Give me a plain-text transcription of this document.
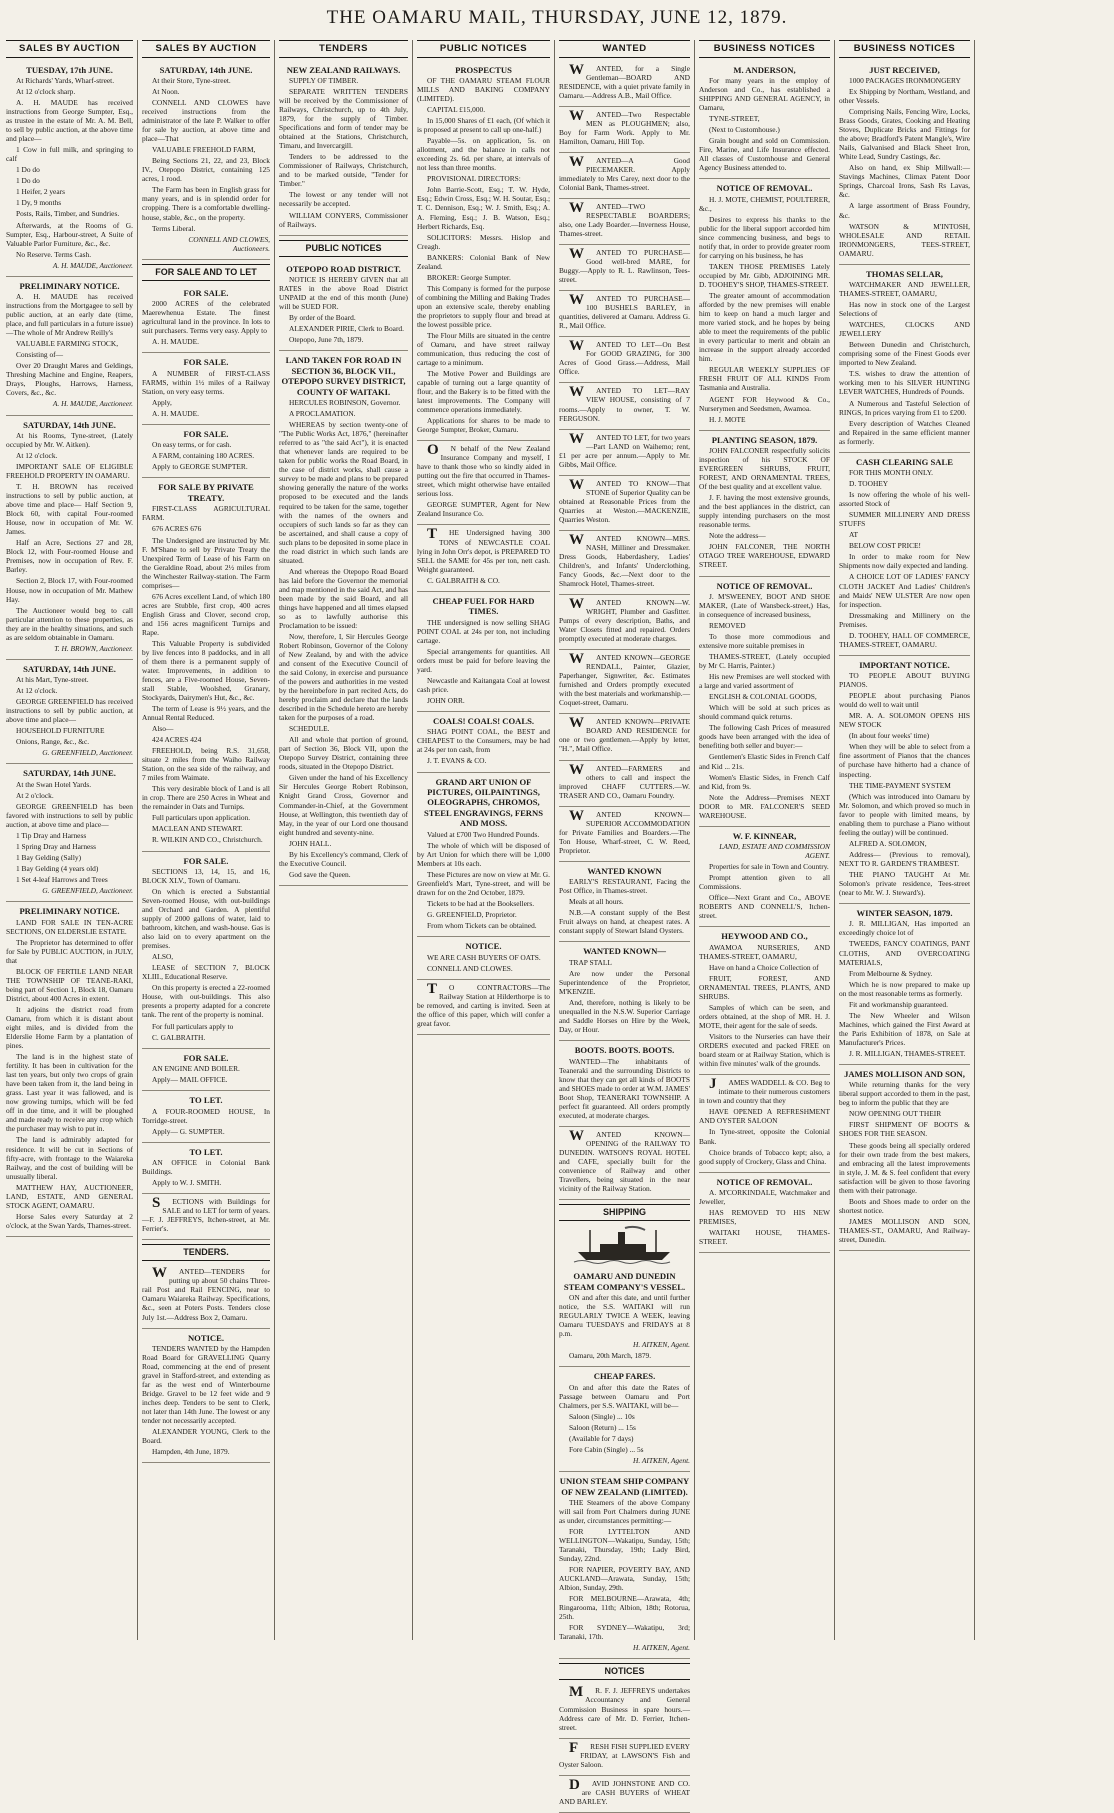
THE OAMARU MAIL, THURSDAY, JUNE 12, 1879.
SALES BY AUCTION
TUESDAY, 17th JUNE.

At Richards' Yards, Wharf-street.

At 12 o'clock sharp.

A. H. MAUDE has received instructions from George Sumpter, Esq., as trustee in the estate of Mr. A. M. Bell, to sell by public auction, at the above time and place—

1 Cow in full milk, and springing to calf

1 Do do

1 Do do

1 Heifer, 2 years

1 Dy, 9 months

Posts, Rails, Timber, and Sundries.

Afterwards, at the Rooms of G. Sumpter, Esq., Harbour-street, A Suite of Valuable Parlor Furniture, &c., &c.

No Reserve. Terms Cash.

A. H. MAUDE, Auctioneer.

PRELIMINARY NOTICE.

A. H. MAUDE has received instructions from the Mortgagee to sell by public auction, at an early date (time, place, and full particulars in a future issue)—The whole of Mr Andrew Reilly's

VALUABLE FARMING STOCK,

Consisting of—

Over 20 Draught Mares and Geldings, Threshing Machine and Engine, Reapers, Drays, Ploughs, Harrows, Harness, Covers, &c., &c.

A. H. MAUDE, Auctioneer.

SATURDAY, 14th JUNE.

At his Rooms, Tyne-street, (Lately occupied by Mr. W. Aitken).

At 12 o'clock.

IMPORTANT SALE OF ELIGIBLE FREEHOLD PROPERTY IN OAMARU.

T. H. BROWN has received instructions to sell by public auction, at above time and place— Half Section 9, Block 60, with capital Four-roomed House, now in occupation of Mr. W. James.

Half an Acre, Sections 27 and 28, Block 12, with Four-roomed House and Premises, now in occupation of Rev. F. Barley.

Section 2, Block 17, with Four-roomed House, now in occupation of Mr. Mathew Hay.

The Auctioneer would beg to call particular attention to these properties, as they are in the healthy situations, and such as are seldom obtainable in Oamaru.

T. H. BROWN, Auctioneer.

SATURDAY, 14th JUNE.

At his Mart, Tyne-street.

At 12 o'clock.

GEORGE GREENFIELD has received instructions to sell by public auction, at above time and place—

HOUSEHOLD FURNITURE

Onions, Range, &c., &c.

G. GREENFIELD, Auctioneer.

SATURDAY, 14th JUNE.

At the Swan Hotel Yards.

At 2 o'clock.

GEORGE GREENFIELD has been favored with instructions to sell by public auction, at above time and place—

1 Tip Dray and Harness

1 Spring Dray and Harness

1 Bay Gelding (Sally)

1 Bay Gelding (4 years old)

1 Set 4-leaf Harrows and Trees

G. GREENFIELD, Auctioneer.

PRELIMINARY NOTICE.

LAND FOR SALE IN TEN-ACRE SECTIONS, ON ELDERSLIE ESTATE.

The Proprietor has determined to offer for Sale by PUBLIC AUCTION, in JULY, that

BLOCK OF FERTILE LAND NEAR THE TOWNSHIP OF TEANE-RAKI, being part of Section 1, Block 18, Oamaru District, about 400 Acres in extent.

It adjoins the district road from Oamaru, from which it is distant about eight miles, and is divided from the Elderslie Home Farm by a plantation of pines.

The land is in the highest state of fertility. It has been in cultivation for the last ten years, but only two crops of grain have been taken from it, the land being in grass. Last year it was fallowed, and is now growing turnips, which will be fed off in due time, and it will be ploughed and made ready to receive any crop which the purchaser may wish to put in.

The land is admirably adapted for residence. It will be cut in Sections of fifty-acre, with frontage to the Waiareka Railway, and the cost of building will be unusually liberal.

MATTHEW HAY, AUCTIONEER, LAND, ESTATE, AND GENERAL STOCK AGENT, OAMARU.

Horse Sales every Saturday at 2 o'clock, at the Swan Yards, Thames-street.

SALES BY AUCTION
SATURDAY, 14th JUNE.

At their Store, Tyne-street.

At Noon.

CONNELL AND CLOWES have received instructions from the administrator of the late P. Walker to offer for sale by auction, at above time and place—That

VALUABLE FREEHOLD FARM,

Being Sections 21, 22, and 23, Block IV., Otepopo District, containing 125 acres, 1 rood.

The Farm has been in English grass for many years, and is in splendid order for cropping. There is a comfortable dwelling-house, stable, &c., on the property.

Terms Liberal.

CONNELL AND CLOWES, Auctioneers.

FOR SALE AND TO LET
FOR SALE.

2000 ACRES of the celebrated Maerewhenua Estate. The finest agricultural land in the province. In lots to suit purchasers. Terms very easy. Apply to

A. H. MAUDE.

FOR SALE.

A NUMBER of FIRST-CLASS FARMS, within 1½ miles of a Railway Station, on very easy terms.

Apply,

A. H. MAUDE.

FOR SALE.

On easy terms, or for cash.

A FARM, containing 180 ACRES.

Apply to GEORGE SUMPTER.

FOR SALE BY PRIVATE TREATY.

FIRST-CLASS AGRICULTURAL FARM.

676 ACRES 676

The Undersigned are instructed by Mr. F. M'Shane to sell by Private Treaty the Unexpired Term of Lease of his Farm on the Geraldine Road, about 2½ miles from the Winchester Railway-station. The Farm comprises—

676 Acres excellent Land, of which 180 acres are Stubble, first crop, 400 acres English Grass and Clover, second crop, and 156 acres magnificent Turnips and Rape.

This Valuable Property is subdivided by live fences into 8 paddocks, and in all of them there is a permanent supply of water. Improvements, in addition to fences, are a Five-roomed House, Seven-stall Stable, Woolshed, Granary, Stockyards, Dairymen's Hut, &c., &c.

The term of Lease is 9½ years, and the Annual Rental Reduced.

Also—

424 ACRES 424

FREEHOLD, being R.S. 31,658, situate 2 miles from the Waiho Railway Station, on the sea side of the railway, and 7 miles from Waimate.

This very desirable block of Land is all in crop. There are 250 Acres in Wheat and the remainder in Oats and Turnips.

Full particulars upon application.

MACLEAN AND STEWART.

R. WILKIN AND CO., Christchurch.

FOR SALE.

SECTIONS 13, 14, 15, and 16, BLOCK XLV., Town of Oamaru.

On which is erected a Substantial Seven-roomed House, with out-buildings and Orchard and Garden. A plentiful supply of 2000 gallons of water, laid to bathroom, kitchen, and wash-house. Gas is also laid on to every apartment on the premises.

ALSO,

LEASE of SECTION 7, BLOCK XLIII., Educational Reserve.

On this property is erected a 22-roomed House, with out-buildings. This also presents a property adapted for a concrete tank. The rent of the property is nominal.

For full particulars apply to

C. GALBRAITH.

FOR SALE.

AN ENGINE AND BOILER.

Apply— MAIL OFFICE.

TO LET.

A FOUR-ROOMED HOUSE, In Torridge-street.

Apply— G. SUMPTER.

TO LET.

AN OFFICE in Colonial Bank Buildings.

Apply to W. J. SMITH.

SECTIONS with Buildings for SALE and to LET for term of years.—F. J. JEFFREYS, Itchen-street, at Mr. Ferrier's.

TENDERS.

WANTED—TENDERS for putting up about 50 chains Three-rail Post and Rail FENCING, near to Oamaru Waiareka Railway. Specifications, &c., seen at Poters Posts. Tenders close July 1st.—Address Box 2, Oamaru.

NOTICE.

TENDERS WANTED by the Hampden Road Board for GRAVELLING Quarry Road, commencing at the end of present gravel in Stafford-street, and extending as far as the west end of Winterbourne Bridge. Gravel to be 12 feet wide and 9 inches deep. Tenders to be sent to Clerk, not later than 14th June. The lowest or any tender not necessarily accepted.

ALEXANDER YOUNG, Clerk to the Board.

Hampden, 4th June, 1879.

TENDERS
NEW ZEALAND RAILWAYS.

SUPPLY OF TIMBER.

SEPARATE WRITTEN TENDERS will be received by the Commissioner of Railways, Christchurch, up to 4th July, 1879, for the supply of Timber. Specifications and form of tender may be obtained at the Stations, Christchurch, Timaru, and Invercargill.

Tenders to be addressed to the Commissioner of Railways, Christchurch, and to be marked outside, "Tender for Timber."

The lowest or any tender will not necessarily be accepted.

WILLIAM CONYERS, Commissioner of Railways.

PUBLIC NOTICES
OTEPOPO ROAD DISTRICT.

NOTICE IS HEREBY GIVEN that all RATES in the above Road District UNPAID at the end of this month (June) will be SUED FOR.

By order of the Board.

ALEXANDER PIRIE, Clerk to Board.

Otepopo, June 7th, 1879.

LAND TAKEN FOR ROAD IN SECTION 36, BLOCK VII., OTEPOPO SURVEY DISTRICT, COUNTY OF WAITAKI.

HERCULES ROBINSON, Governor.

A PROCLAMATION.

WHEREAS by section twenty-one of "The Public Works Act, 1876," (hereinafter referred to as "the said Act"), it is enacted that whenever lands are required to be taken for public works the Road Board, in the case of district works, shall cause a survey to be made and plans to be prepared showing generally the nature of the works proposed to be executed and the lands required to be taken for the same, together with the names of the owners and occupiers of such lands so far as they can be ascertained, and shall cause a copy of such plans to be deposited in some place in the road district in which such lands are situated.

And whereas the Otepopo Road Board has laid before the Governor the memorial and map mentioned in the said Act, and has been made by the said Board, and all things have happened and all times elapsed so as to lawfully authorise this Proclamation to be issued:

Now, therefore, I, Sir Hercules George Robert Robinson, Governor of the Colony of New Zealand, by and with the advice and consent of the Executive Council of the said Colony, in exercise and pursuance of the powers and authorities in me vested by the hereinbefore in part recited Acts, do hereby proclaim and declare that the lands described in the Schedule hereto are hereby taken for the purposes of a road.

SCHEDULE.

All and whole that portion of ground, part of Section 36, Block VII, upon the Otepopo Survey District, containing three roods, situated in the Otepopo District.

Given under the hand of his Excellency Sir Hercules George Robert Robinson, Knight Grand Cross, Governor and Commander-in-Chief, at the Government House, at Wellington, this twentieth day of May, in the year of our Lord one thousand eight hundred and seventy-nine.

JOHN HALL.

By his Excellency's command, Clerk of the Executive Council.

God save the Queen.

PUBLIC NOTICES
PROSPECTUS

OF THE OAMARU STEAM FLOUR MILLS AND BAKING COMPANY (LIMITED).

CAPITAL £15,000.

In 15,000 Shares of £1 each, (Of which it is proposed at present to call up one-half.)

Payable—5s. on application, 5s. on allotment, and the balance in calls not exceeding 2s. 6d. per share, at intervals of not less than three months.

PROVISIONAL DIRECTORS:

John Barrie-Scott, Esq.; T. W. Hyde, Esq.; Edwin Cross, Esq.; W. H. Soutar, Esq.; T. C. Dennison, Esq.; W. J. Smith, Esq.; A. A. Fleming, Esq.; J. B. Watson, Esq.; Herbert Richards, Esq.

SOLICITORS: Messrs. Hislop and Creagh.

BANKERS: Colonial Bank of New Zealand.

BROKER: George Sumpter.

This Company is formed for the purpose of combining the Milling and Baking Trades upon an extensive scale, thereby enabling the proprietors to supply flour and bread at the lowest possible price.

The Flour Mills are situated in the centre of Oamaru, and have street railway communication, thus reducing the cost of cartage to a minimum.

The Motive Power and Buildings are capable of turning out a large quantity of flour, and the Bakery is to be fitted with the latest improvements. The Company will commence operations immediately.

Applications for shares to be made to George Sumpter, Broker, Oamaru.

ON behalf of the New Zealand Insurance Company and myself, I have to thank those who so kindly aided in putting out the fire that occurred in Thames-street, which might otherwise have entailed serious loss.

GEORGE SUMPTER, Agent for New Zealand Insurance Co.

THE Undersigned having 300 TONS of NEWCASTLE COAL lying in John Orr's depot, is PREPARED TO SELL the SAME for 45s per ton, nett cash. Weight guaranteed.

C. GALBRAITH & CO.

CHEAP FUEL FOR HARD TIMES.

THE undersigned is now selling SHAG POINT COAL at 24s per ton, not including cartage.

Special arrangements for quantities. All orders must be paid for before leaving the yard.

Newcastle and Kaitangata Coal at lowest cash price.

JOHN ORR.

COALS! COALS! COALS.

SHAG POINT COAL, the BEST and CHEAPEST to the Consumers, may be had at 24s per ton cash, from

J. T. EVANS & CO.

GRAND ART UNION OF PICTURES, OILPAINTINGS, OLEOGRAPHS, CHROMOS, STEEL ENGRAVINGS, FERNS AND MOSS.

Valued at £700 Two Hundred Pounds.

The whole of which will be disposed of by Art Union for which there will be 1,000 Members at 10s each.

These Pictures are now on view at Mr. G. Greenfield's Mart, Tyne-street, and will be drawn for on the 2nd October, 1879.

Tickets to be had at the Booksellers.

G. GREENFIELD, Proprietor.

From whom Tickets can be obtained.

NOTICE.

WE ARE CASH BUYERS OF OATS.

CONNELL AND CLOWES.

TO CONTRACTORS—The Railway Station at Hilderthorpe is to be removed, and carting is invited. Seen at the office of this paper, which will confer a great favor.

WANTED

WANTED, for a Single Gentleman—BOARD AND RESIDENCE, with a quiet private family in Oamaru.—Address A.B., Mail Office.

WANTED—Two Respectable MEN as PLOUGHMEN; also, Boy for Farm Work. Apply to Mr. Hamilton, Oamaru, Hill Top.

WANTED—A Good PIECEMAKER. Apply immediately to Mrs Carey, next door to the Colonial Bank, Thames-street.

WANTED—TWO RESPECTABLE BOARDERS; also, one Lady Boarder.—Inverness House, Thames-street.

WANTED TO PURCHASE—Good well-bred MARE, for Buggy.—Apply to R. L. Rawlinson, Tees-street.

WANTED TO PURCHASE—100 BUSHELS BARLEY, in quantities, delivered at Oamaru. Address G. R., Mail Office.

WANTED TO LET—On Best For GOOD GRAZING, for 300 Acres of Good Grass.—Address, Mail Office.

WANTED TO LET—RAY VIEW HOUSE, consisting of 7 rooms.—Apply to owner, T. W. FERGUSON.

WANTED TO LET, for two years—Part LAND on Waihemo; rent, £1 per acre per annum.—Apply to Mr. Gibbs, Mail Office.

WANTED TO KNOW—That STONE of Superior Quality can be obtained at Reasonable Prices from the Quarries at Weston.—MACKENZIE, Quarries Weston.

WANTED KNOWN—MRS. NASH, Milliner and Dressmaker. Dress Goods, Haberdashery, Ladies' Children's, and Infants' Underclothing, Fancy Goods, &c.—Next door to the Shamrock Hotel, Thames-street.

WANTED KNOWN—W. WRIGHT, Plumber and Gasfitter. Pumps of every description, Baths, and Water Closets fitted and repaired. Orders promptly executed at moderate charges.

WANTED KNOWN—GEORGE RENDALL, Painter, Glazier, Paperhanger, Signwriter, &c. Estimates furnished and Orders promptly executed with the best materials and workmanship.—Coquet-street, Oamaru.

WANTED KNOWN—PRIVATE BOARD AND RESIDENCE for one or two gentlemen.—Apply by letter, "H.", Mail Office.

WANTED—FARMERS and others to call and inspect the improved CHAFF CUTTERS.—W. TRASER AND CO., Oamaru Foundry.

WANTED KNOWN—SUPERIOR ACCOMMODATION for Private Families and Boarders.—The Ton House, Wharf-street, C. W. Reed, Proprietor.

WANTED KNOWN

EARLY'S RESTAURANT, Facing the Post Office, in Thames-street.

Meals at all hours.

N.B.—A constant supply of the Best Fruit always on hand, at cheapest rates. A constant supply of Stewart Island Oysters.

WANTED KNOWN—

TRAP STALL

Are now under the Personal Superintendence of the Proprietor, M'KENZIE.

And, therefore, nothing is likely to be unequalled in the N.S.W. Superior Carriage and Saddle Horses on Hire by the Week, Day, or Hour.

BOOTS. BOOTS. BOOTS.

WANTED—The inhabitants of Teaneraki and the surrounding Districts to know that they can get all kinds of BOOTS and SHOES made to order at W.M. JAMES' Boot Shop, TEANERAKI TOWNSHIP. A perfect fit guaranteed. All orders promptly executed, at moderate charges.

WANTED KNOWN—OPENING of the RAILWAY TO DUNEDIN. WATSON'S ROYAL HOTEL and CAFE, specially built for the convenience of Railway and other Travellers, being situated in the near vicinity of the Railway Station.

SHIPPING
OAMARU AND DUNEDIN STEAM COMPANY'S VESSEL.

ON and after this date, and until further notice, the S.S. WAITAKI will run REGULARLY TWICE A WEEK, leaving Oamaru TUESDAYS and FRIDAYS at 8 p.m.

H. AITKEN, Agent.

Oamaru, 20th March, 1879.

CHEAP FARES.

On and after this date the Rates of Passage between Oamaru and Port Chalmers, per S.S. WAITAKI, will be—

Saloon (Single) ... 10s

Saloon (Return) ... 15s

(Available for 7 days)

Fore Cabin (Single) ... 5s

H. AITKEN, Agent.

UNION STEAM SHIP COMPANY OF NEW ZEALAND (LIMITED).

THE Steamers of the above Company will sail from Port Chalmers during JUNE as under, circumstances permitting:—

FOR LYTTELTON AND WELLINGTON—Wakatipu, Sunday, 15th; Taranaki, Thursday, 19th; Lady Bird, Sunday, 22nd.

FOR NAPIER, POVERTY BAY, AND AUCKLAND—Arawata, Sunday, 15th; Albion, Sunday, 29th.

FOR MELBOURNE—Arawata, 4th; Ringarooma, 11th; Albion, 18th; Rotorua, 25th.

FOR SYDNEY—Wakatipu, 3rd; Taranaki, 17th.

H. AITKEN, Agent.

NOTICES

MR. F. J. JEFFREYS undertakes Accountancy and General Commission Business in spare hours.—Address care of Mr. D. Ferrier, Itchen-street.

FRESH FISH SUPPLIED EVERY FRIDAY, at LAWSON'S Fish and Oyster Saloon.

DAVID JOHNSTONE AND CO. are CASH BUYERS of WHEAT AND BARLEY.

BUSINESS NOTICES
M. ANDERSON,

For many years in the employ of Anderson and Co., has established a SHIPPING AND GENERAL AGENCY, in Oamaru,

TYNE-STREET,

(Next to Customhouse.)

Grain bought and sold on Commission. Fire, Marine, and Life Insurance effected. All classes of Customhouse and General Agency Business attended to.

NOTICE OF REMOVAL.

H. J. MOTE, CHEMIST, POULTERER, &c.,

Desires to express his thanks to the public for the liberal support accorded him since commencing business, and begs to notify that, in order to provide greater room for carrying on his business, he has

TAKEN THOSE PREMISES Lately occupied by Mr. Gibb, ADJOINING MR. D. TOOHEY'S SHOP, THAMES-STREET.

The greater amount of accommodation afforded by the new premises will enable him to keep on hand a much larger and more varied stock, and he hopes by being able to meet the requirements of the public in every particular to merit and obtain an increase in the support already accorded him.

REGULAR WEEKLY SUPPLIES OF FRESH FRUIT OF ALL KINDS From Tasmania and Australia.

AGENT FOR Heywood & Co., Nurserymen and Seedsmen, Awamoa.

H. J. MOTE

PLANTING SEASON, 1879.

JOHN FALCONER respectfully solicits inspection of his STOCK OF EVERGREEN SHRUBS, FRUIT, FOREST, AND ORNAMENTAL TREES, Of the best quality and at excellent value.

J. F. having the most extensive grounds, and the best appliances in the district, can supply intending purchasers on the most reasonable terms.

Note the address—

JOHN FALCONER, THE NORTH OTAGO TREE WAREHOUSE, EDWARD STREET.

NOTICE OF REMOVAL.

J. M'SWEENEY, BOOT AND SHOE MAKER, (Late of Wansbeck-street,) Has, in consequence of increased business,

REMOVED

To those more commodious and extensive more suitable premises in

THAMES-STREET, (Lately occupied by Mr C. Harris, Painter.)

His new Premises are well stocked with a large and varied assortment of

ENGLISH & COLONIAL GOODS,

Which will be sold at such prices as should command quick returns.

The following Cash Prices of measured goods have been arranged with the idea of benefiting both seller and buyer:—

Gentlemen's Elastic Sides in French Calf and Kid ... 21s.

Women's Elastic Sides, in French Calf and Kid, from 9s.

Note the Address—Premises NEXT DOOR to MR. FALCONER'S SEED WAREHOUSE.

W. F. KINNEAR,

LAND, ESTATE AND COMMISSION AGENT.

Properties for sale in Town and Country.

Prompt attention given to all Commissions.

Office—Next Grant and Co., ABOVE ROBERTS AND CONNELL'S, Itchen-street.

HEYWOOD AND CO.,

AWAMOA NURSERIES, AND THAMES-STREET, OAMARU,

Have on hand a Choice Collection of

FRUIT, FOREST, AND ORNAMENTAL TREES, PLANTS, AND SHRUBS.

Samples of which can be seen, and orders obtained, at the shop of MR. H. J. MOTE, their agent for the sale of seeds.

Visitors to the Nurseries can have their ORDERS executed and packed FREE on board steam or at Railway Station, which is within five minutes' walk of the grounds.

JAMES WADDELL & CO. Beg to intimate to their numerous customers in town and country that they

HAVE OPENED A REFRESHMENT AND OYSTER SALOON

In Tyne-street, opposite the Colonial Bank.

Choice brands of Tobacco kept; also, a good supply of Crockery, Glass and China.

NOTICE OF REMOVAL.

A. M'CORKINDALE, Watchmaker and Jeweller,

HAS REMOVED TO HIS NEW PREMISES,

WAITAKI HOUSE, THAMES-STREET.

BUSINESS NOTICES
JUST RECEIVED,

1000 PACKAGES IRONMONGERY

Ex Shipping by Northam, Westland, and other Vessels.

Comprising Nails, Fencing Wire, Locks, Brass Goods, Grates, Cooking and Heating Stoves, Duplicate Bricks and Fittings for the above; Bradford's Patent Mangle's, Wire Nails, Galvanised and Black Sheet Iron, White Lead, Sundry Castings, &c.

Also on hand, ex Ship Millwall:— Stavings Machines, Climax Patent Door Springs, Charcoal Irons, Sash Rs Lavas, &c.

A large assortment of Brass Foundry, &c.

WATSON & M'INTOSH, WHOLESALE AND RETAIL IRONMONGERS, TEES-STREET, OAMARU.

THOMAS SELLAR,

WATCHMAKER AND JEWELLER, THAMES-STREET, OAMARU,

Has now in stock one of the Largest Selections of

WATCHES, CLOCKS AND JEWELLERY

Between Dunedin and Christchurch, comprising some of the Finest Goods ever imported to New Zealand.

T.S. wishes to draw the attention of working men to his SILVER HUNTING LEVER WATCHES, Hundreds of Pounds.

A Numerous and Tasteful Selection of RINGS, In prices varying from £1 to £200.

Every description of Watches Cleaned and Repaired in the same efficient manner as formerly.

CASH CLEARING SALE

FOR THIS MONTH ONLY.

D. TOOHEY

Is now offering the whole of his well-assorted Stock of

SUMMER MILLINERY AND DRESS STUFFS

AT

BELOW COST PRICE!

In order to make room for New Shipments now daily expected and landing.

A CHOICE LOT OF LADIES' FANCY CLOTH JACKET And Ladies' Children's and Maids' NEW ULSTER Are now open for inspection.

Dressmaking and Millinery on the Premises.

D. TOOHEY, HALL OF COMMERCE, THAMES-STREET, OAMARU.

IMPORTANT NOTICE.

TO PEOPLE ABOUT BUYING PIANOS.

PEOPLE about purchasing Pianos would do well to wait until

MR. A. A. SOLOMON OPENS HIS NEW STOCK

(In about four weeks' time)

When they will be able to select from a fine assortment of Pianos that the chances of purchase have hitherto had a chance of inspecting.

THE TIME-PAYMENT SYSTEM

(Which was introduced into Oamaru by Mr. Solomon, and which proved so much in favor to people with limited means, by enabling them to purchase a Piano without feeling the outlay) will be continued.

ALFRED A. SOLOMON,

Address— (Previous to removal), NEXT TO R. GARDEN'S TRAMBEST.

THE PIANO TAUGHT At Mr. Solomon's private residence, Tees-street (near to Mr. W. J. Steward's).

WINTER SEASON, 1879.

J. R. MILLIGAN, Has imported an exceedingly choice lot of

TWEEDS, FANCY COATINGS, PANT CLOTHS, AND OVERCOATING MATERIALS,

From Melbourne & Sydney.

Which he is now prepared to make up on the most reasonable terms as formerly.

Fit and workmanship guaranteed.

The New Wheeler and Wilson Machines, which gained the First Award at the Paris Exhibition of 1878, on Sale at Manufacturer's Prices.

J. R. MILLIGAN, THAMES-STREET.

JAMES MOLLISON AND SON,

While returning thanks for the very liberal support accorded to them in the past, beg to inform the public that they are

NOW OPENING OUT THEIR

FIRST SHIPMENT OF BOOTS & SHOES FOR THE SEASON.

These goods being all specially ordered for their own trade from the best makers, and embracing all the latest improvements in style, J. M. & S. feel confident that every satisfaction will be given to those favoring them with their patronage.

Boots and Shoes made to order on the shortest notice.

JAMES MOLLISON AND SON, THAMES-ST., OAMARU, And Railway-street, Dunedin.
